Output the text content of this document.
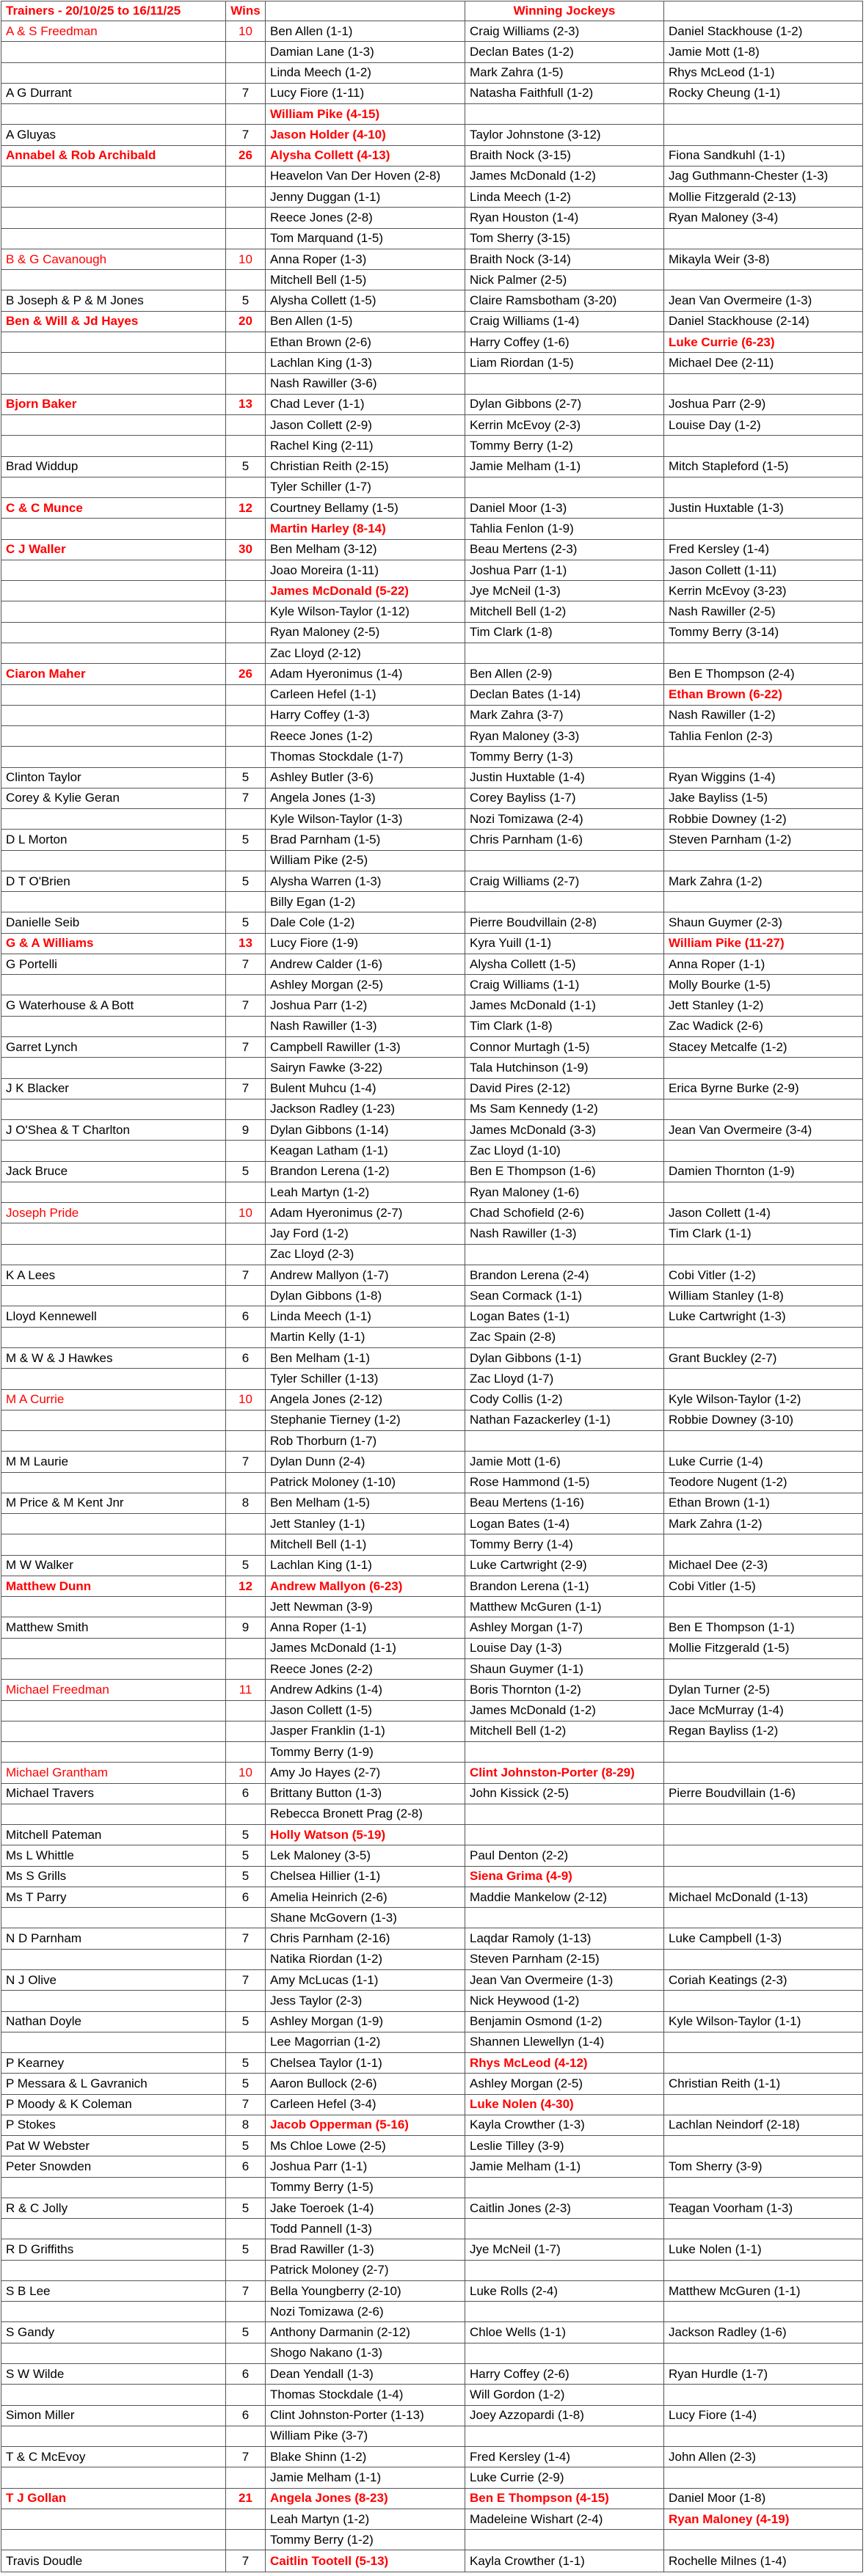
Trainers - 20/10/25 to 16/11/25	Wins		Winning Jockeys	
A & S Freedman	10	Ben Allen (1-1)	Craig Williams (2-3)	Daniel Stackhouse (1-2)
		Damian Lane (1-3)	Declan Bates (1-2)	Jamie Mott (1-8)
		Linda Meech (1-2)	Mark Zahra (1-5)	Rhys McLeod (1-1)
A G Durrant	7	Lucy Fiore (1-11)	Natasha Faithfull (1-2)	Rocky Cheung (1-1)
		William Pike (4-15)		
A Gluyas	7	Jason Holder (4-10)	Taylor Johnstone (3-12)	
Annabel & Rob Archibald	26	Alysha Collett (4-13)	Braith Nock (3-15)	Fiona Sandkuhl (1-1)
		Heavelon Van Der Hoven (2-8)	James McDonald (1-2)	Jag Guthmann-Chester (1-3)
		Jenny Duggan (1-1)	Linda Meech (1-2)	Mollie Fitzgerald (2-13)
		Reece Jones (2-8)	Ryan Houston (1-4)	Ryan Maloney (3-4)
		Tom Marquand (1-5)	Tom Sherry (3-15)	
B & G Cavanough	10	Anna Roper (1-3)	Braith Nock (3-14)	Mikayla Weir (3-8)
		Mitchell Bell (1-5)	Nick Palmer (2-5)	
B Joseph & P & M Jones	5	Alysha Collett (1-5)	Claire Ramsbotham (3-20)	Jean Van Overmeire (1-3)
Ben & Will & Jd Hayes	20	Ben Allen (1-5)	Craig Williams (1-4)	Daniel Stackhouse (2-14)
		Ethan Brown (2-6)	Harry Coffey (1-6)	Luke Currie (6-23)
		Lachlan King (1-3)	Liam Riordan (1-5)	Michael Dee (2-11)
		Nash Rawiller (3-6)		
Bjorn Baker	13	Chad Lever (1-1)	Dylan Gibbons (2-7)	Joshua Parr (2-9)
		Jason Collett (2-9)	Kerrin McEvoy (2-3)	Louise Day (1-2)
		Rachel King (2-11)	Tommy Berry (1-2)	
Brad Widdup	5	Christian Reith (2-15)	Jamie Melham (1-1)	Mitch Stapleford (1-5)
		Tyler Schiller (1-7)		
C & C Munce	12	Courtney Bellamy (1-5)	Daniel Moor (1-3)	Justin Huxtable (1-3)
		Martin Harley (8-14)	Tahlia Fenlon (1-9)	
C J Waller	30	Ben Melham (3-12)	Beau Mertens (2-3)	Fred Kersley (1-4)
		Joao Moreira (1-11)	Joshua Parr (1-1)	Jason Collett (1-11)
		James McDonald (5-22)	Jye McNeil (1-3)	Kerrin McEvoy (3-23)
		Kyle Wilson-Taylor (1-12)	Mitchell Bell (1-2)	Nash Rawiller (2-5)
		Ryan Maloney (2-5)	Tim Clark (1-8)	Tommy Berry (3-14)
		Zac Lloyd (2-12)		
Ciaron Maher	26	Adam Hyeronimus (1-4)	Ben Allen (2-9)	Ben E Thompson (2-4)
		Carleen Hefel (1-1)	Declan Bates (1-14)	Ethan Brown (6-22)
		Harry Coffey (1-3)	Mark Zahra (3-7)	Nash Rawiller (1-2)
		Reece Jones (1-2)	Ryan Maloney (3-3)	Tahlia Fenlon (2-3)
		Thomas Stockdale (1-7)	Tommy Berry (1-3)	
Clinton Taylor	5	Ashley Butler (3-6)	Justin Huxtable (1-4)	Ryan Wiggins (1-4)
Corey & Kylie Geran	7	Angela Jones (1-3)	Corey Bayliss (1-7)	Jake Bayliss (1-5)
		Kyle Wilson-Taylor (1-3)	Nozi Tomizawa (2-4)	Robbie Downey (1-2)
D L Morton	5	Brad Parnham (1-5)	Chris Parnham (1-6)	Steven Parnham (1-2)
		William Pike (2-5)		
D T O'Brien	5	Alysha Warren (1-3)	Craig Williams (2-7)	Mark Zahra (1-2)
		Billy Egan (1-2)		
Danielle Seib	5	Dale Cole (1-2)	Pierre Boudvillain (2-8)	Shaun Guymer (2-3)
G & A Williams	13	Lucy Fiore (1-9)	Kyra Yuill (1-1)	William Pike (11-27)
G Portelli	7	Andrew Calder (1-6)	Alysha Collett (1-5)	Anna Roper (1-1)
		Ashley Morgan (2-5)	Craig Williams (1-1)	Molly Bourke (1-5)
G Waterhouse & A Bott	7	Joshua Parr (1-2)	James McDonald (1-1)	Jett Stanley (1-2)
		Nash Rawiller (1-3)	Tim Clark (1-8)	Zac Wadick (2-6)
Garret Lynch	7	Campbell Rawiller (1-3)	Connor Murtagh (1-5)	Stacey Metcalfe (1-2)
		Sairyn Fawke (3-22)	Tala Hutchinson (1-9)	
J K Blacker	7	Bulent Muhcu (1-4)	David Pires (2-12)	Erica Byrne Burke (2-9)
		Jackson Radley (1-23)	Ms Sam Kennedy (1-2)	
J O'Shea & T Charlton	9	Dylan Gibbons (1-14)	James McDonald (3-3)	Jean Van Overmeire (3-4)
		Keagan Latham (1-1)	Zac Lloyd (1-10)	
Jack Bruce	5	Brandon Lerena (1-2)	Ben E Thompson (1-6)	Damien Thornton (1-9)
		Leah Martyn (1-2)	Ryan Maloney (1-6)	
Joseph Pride	10	Adam Hyeronimus (2-7)	Chad Schofield (2-6)	Jason Collett (1-4)
		Jay Ford (1-2)	Nash Rawiller (1-3)	Tim Clark (1-1)
		Zac Lloyd (2-3)		
K A Lees	7	Andrew Mallyon (1-7)	Brandon Lerena (2-4)	Cobi Vitler (1-2)
		Dylan Gibbons (1-8)	Sean Cormack (1-1)	William Stanley (1-8)
Lloyd Kennewell	6	Linda Meech (1-1)	Logan Bates (1-1)	Luke Cartwright (1-3)
		Martin Kelly (1-1)	Zac Spain (2-8)	
M & W & J Hawkes	6	Ben Melham (1-1)	Dylan Gibbons (1-1)	Grant Buckley (2-7)
		Tyler Schiller (1-13)	Zac Lloyd (1-7)	
M A Currie	10	Angela Jones (2-12)	Cody Collis (1-2)	Kyle Wilson-Taylor (1-2)
		Stephanie Tierney (1-2)	Nathan Fazackerley (1-1)	Robbie Downey (3-10)
		Rob Thorburn (1-7)		
M M Laurie	7	Dylan Dunn (2-4)	Jamie Mott (1-6)	Luke Currie (1-4)
		Patrick Moloney (1-10)	Rose Hammond (1-5)	Teodore Nugent (1-2)
M Price & M Kent Jnr	8	Ben Melham (1-5)	Beau Mertens (1-16)	Ethan Brown (1-1)
		Jett Stanley (1-1)	Logan Bates (1-4)	Mark Zahra (1-2)
		Mitchell Bell (1-1)	Tommy Berry (1-4)	
M W Walker	5	Lachlan King (1-1)	Luke Cartwright (2-9)	Michael Dee (2-3)
Matthew Dunn	12	Andrew Mallyon (6-23)	Brandon Lerena (1-1)	Cobi Vitler (1-5)
		Jett Newman (3-9)	Matthew McGuren (1-1)	
Matthew Smith	9	Anna Roper (1-1)	Ashley Morgan (1-7)	Ben E Thompson (1-1)
		James McDonald (1-1)	Louise Day (1-3)	Mollie Fitzgerald (1-5)
		Reece Jones (2-2)	Shaun Guymer (1-1)	
Michael Freedman	11	Andrew Adkins (1-4)	Boris Thornton (1-2)	Dylan Turner (2-5)
		Jason Collett (1-5)	James McDonald (1-2)	Jace McMurray (1-4)
		Jasper Franklin (1-1)	Mitchell Bell (1-2)	Regan Bayliss (1-2)
		Tommy Berry (1-9)		
Michael Grantham	10	Amy Jo Hayes (2-7)	Clint Johnston-Porter (8-29)	
Michael Travers	6	Brittany Button (1-3)	John Kissick (2-5)	Pierre Boudvillain (1-6)
		Rebecca Bronett Prag (2-8)		
Mitchell Pateman	5	Holly Watson (5-19)		
Ms L Whittle	5	Lek Maloney (3-5)	Paul Denton (2-2)	
Ms S Grills	5	Chelsea Hillier (1-1)	Siena Grima (4-9)	
Ms T Parry	6	Amelia Heinrich (2-6)	Maddie Mankelow (2-12)	Michael McDonald (1-13)
		Shane McGovern (1-3)		
N D Parnham	7	Chris Parnham (2-16)	Laqdar Ramoly (1-13)	Luke Campbell (1-3)
		Natika Riordan (1-2)	Steven Parnham (2-15)	
N J Olive	7	Amy McLucas (1-1)	Jean Van Overmeire (1-3)	Coriah Keatings (2-3)
		Jess Taylor (2-3)	Nick Heywood (1-2)	
Nathan Doyle	5	Ashley Morgan (1-9)	Benjamin Osmond (1-2)	Kyle Wilson-Taylor (1-1)
		Lee Magorrian (1-2)	Shannen Llewellyn (1-4)	
P Kearney	5	Chelsea Taylor (1-1)	Rhys McLeod (4-12)	
P Messara & L Gavranich	5	Aaron Bullock (2-6)	Ashley Morgan (2-5)	Christian Reith (1-1)
P Moody & K Coleman	7	Carleen Hefel (3-4)	Luke Nolen (4-30)	
P Stokes	8	Jacob Opperman (5-16)	Kayla Crowther (1-3)	Lachlan Neindorf (2-18)
Pat W Webster	5	Ms Chloe Lowe (2-5)	Leslie Tilley (3-9)	
Peter Snowden	6	Joshua Parr (1-1)	Jamie Melham (1-1)	Tom Sherry (3-9)
		Tommy Berry (1-5)		
R & C Jolly	5	Jake Toeroek (1-4)	Caitlin Jones (2-3)	Teagan Voorham (1-3)
		Todd Pannell (1-3)		
R D Griffiths	5	Brad Rawiller (1-3)	Jye McNeil (1-7)	Luke Nolen (1-1)
		Patrick Moloney (2-7)		
S B Lee	7	Bella Youngberry (2-10)	Luke Rolls (2-4)	Matthew McGuren (1-1)
		Nozi Tomizawa (2-6)		
S Gandy	5	Anthony Darmanin (2-12)	Chloe Wells (1-1)	Jackson Radley (1-6)
		Shogo Nakano (1-3)		
S W Wilde	6	Dean Yendall (1-3)	Harry Coffey (2-6)	Ryan Hurdle (1-7)
		Thomas Stockdale (1-4)	Will Gordon (1-2)	
Simon Miller	6	Clint Johnston-Porter (1-13)	Joey Azzopardi (1-8)	Lucy Fiore (1-4)
		William Pike (3-7)		
T & C McEvoy	7	Blake Shinn (1-2)	Fred Kersley (1-4)	John Allen (2-3)
		Jamie Melham (1-1)	Luke Currie (2-9)	
T J Gollan	21	Angela Jones (8-23)	Ben E Thompson (4-15)	Daniel Moor (1-8)
		Leah Martyn (1-2)	Madeleine Wishart (2-4)	Ryan Maloney (4-19)
		Tommy Berry (1-2)		
Travis Doudle	7	Caitlin Tootell (5-13)	Kayla Crowther (1-1)	Rochelle Milnes (1-4)
